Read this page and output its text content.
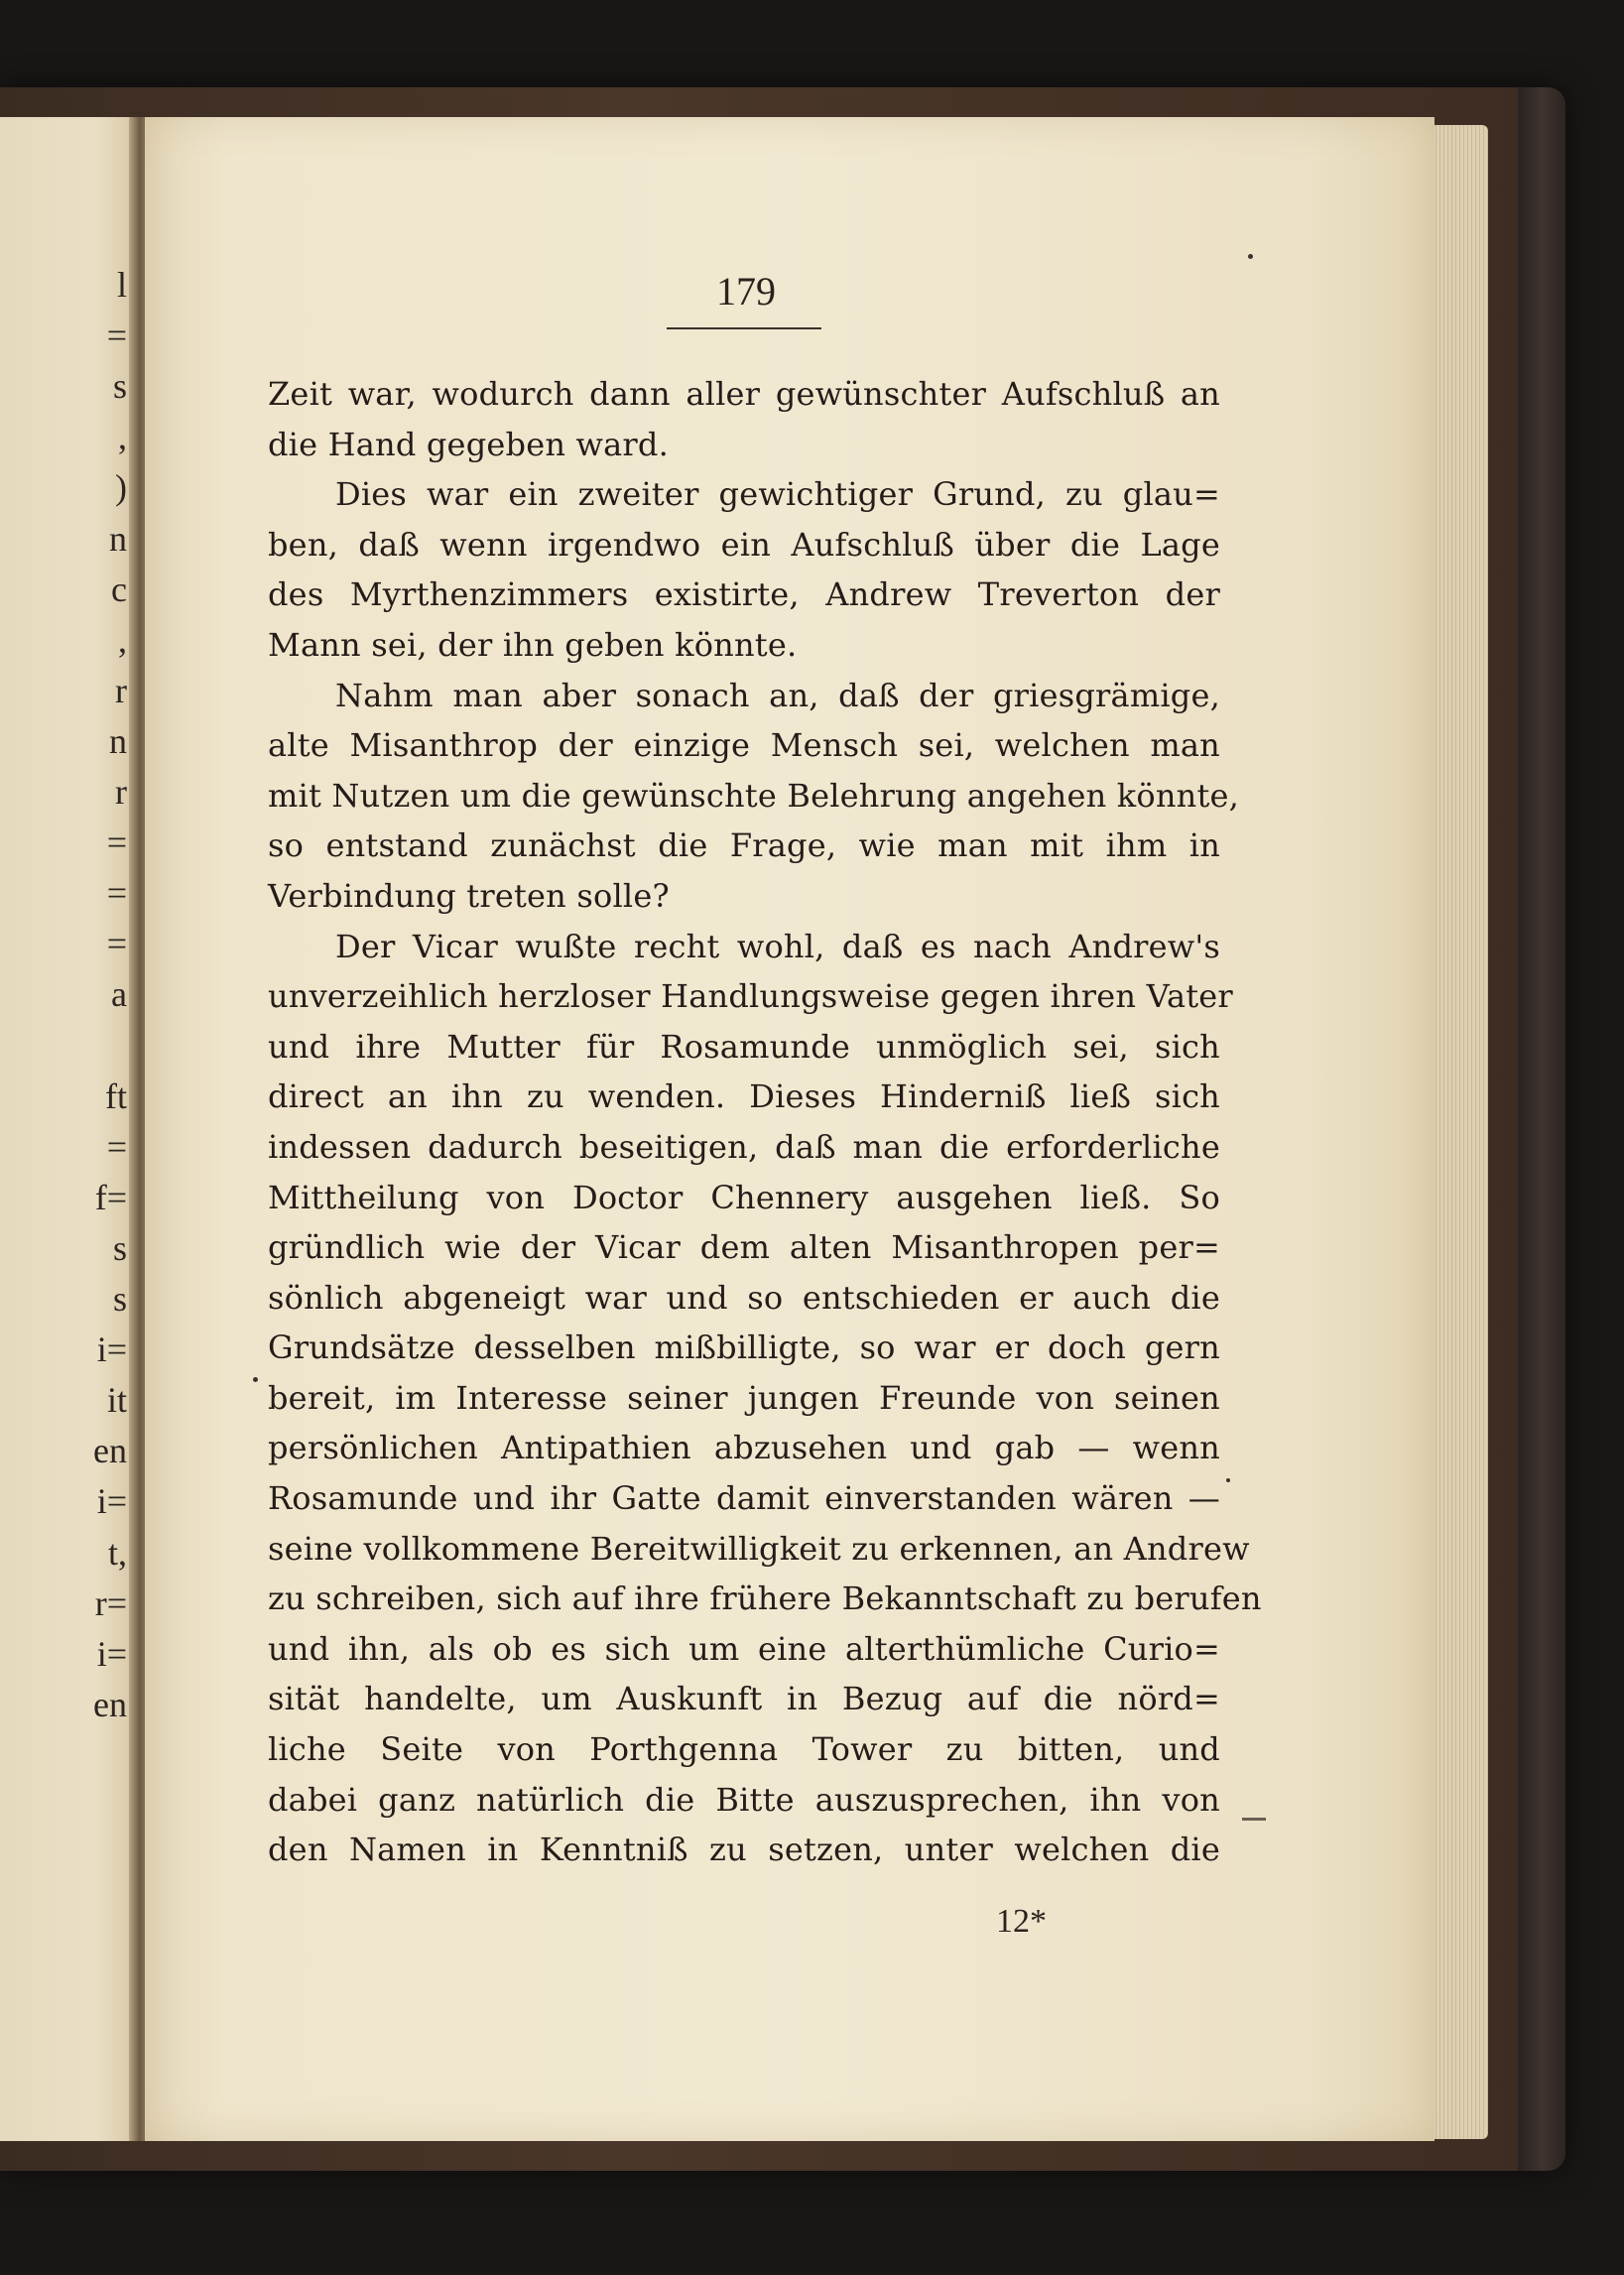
l
=
s
,
)
n
c
,
r
n
r
=
=
=
a
ft
=
f=
s
s
i=
it
en
i=
t,
r=
i=
en
179
Zeit war, wodurch dann aller gewünschter Aufschluß an
die Hand gegeben ward.
Dies war ein zweiter gewichtiger Grund, zu glau=
ben, daß wenn irgendwo ein Aufschluß über die Lage
des Myrthenzimmers existirte, Andrew Treverton der
Mann sei, der ihn geben könnte.
Nahm man aber sonach an, daß der griesgrämige,
alte Misanthrop der einzige Mensch sei, welchen man
mit Nutzen um die gewünschte Belehrung angehen könnte,
so entstand zunächst die Frage, wie man mit ihm in
Verbindung treten solle?
Der Vicar wußte recht wohl, daß es nach Andrew's
unverzeihlich herzloser Handlungsweise gegen ihren Vater
und ihre Mutter für Rosamunde unmöglich sei, sich
direct an ihn zu wenden. Dieses Hinderniß ließ sich
indessen dadurch beseitigen, daß man die erforderliche
Mittheilung von Doctor Chennery ausgehen ließ. So
gründlich wie der Vicar dem alten Misanthropen per=
sönlich abgeneigt war und so entschieden er auch die
Grundsätze desselben mißbilligte, so war er doch gern
bereit, im Interesse seiner jungen Freunde von seinen
persönlichen Antipathien abzusehen und gab — wenn
Rosamunde und ihr Gatte damit einverstanden wären —
seine vollkommene Bereitwilligkeit zu erkennen, an Andrew
zu schreiben, sich auf ihre frühere Bekanntschaft zu berufen
und ihn, als ob es sich um eine alterthümliche Curio=
sität handelte, um Auskunft in Bezug auf die nörd=
liche Seite von Porthgenna Tower zu bitten, und
dabei ganz natürlich die Bitte auszusprechen, ihn von
den Namen in Kenntniß zu setzen, unter welchen die
12*
